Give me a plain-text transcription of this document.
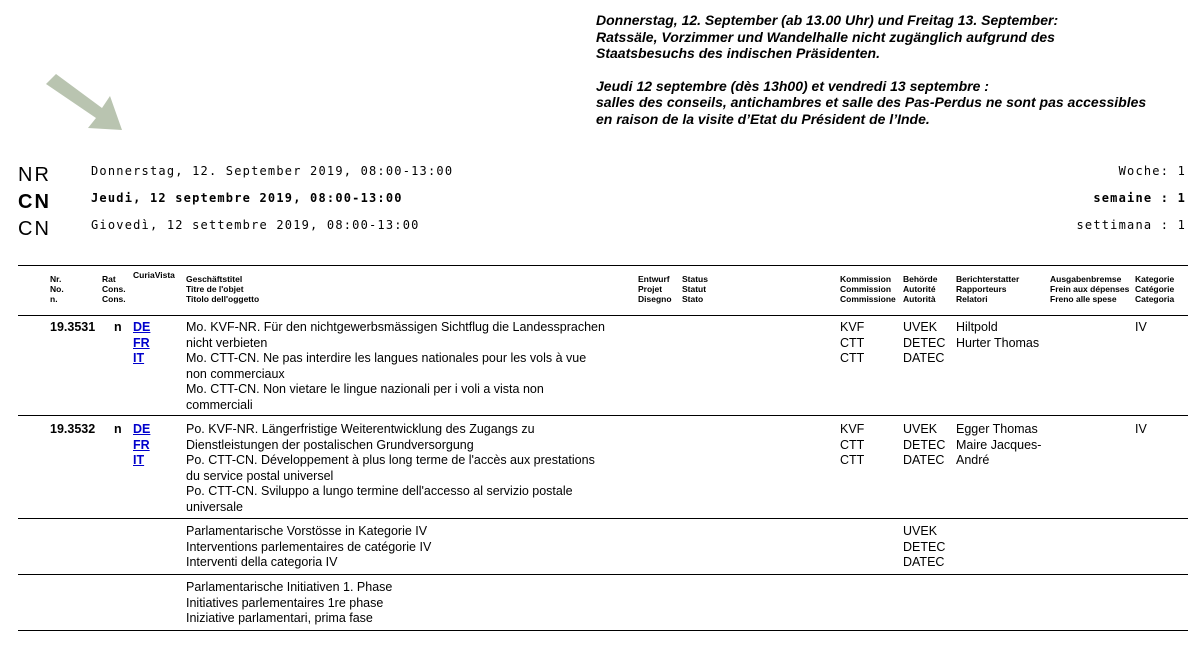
Donnerstag, 12. September (ab 13.00 Uhr) und Freitag 13. September:

Ratssäle, Vorzimmer und Wandelhalle nicht zugänglich aufgrund des

Staatsbesuchs des indischen Präsidenten.

Jeudi 12 septembre (dès 13h00) et vendredi 13 septembre :

salles des conseils, antichambres et salle des Pas-Perdus ne sont pas accessibles

en raison de la visite d’Etat du Président de l’Inde.

NR
CN
CN
Donnerstag, 12. September 2019, 08:00-13:00
Jeudi, 12 septembre 2019, 08:00-13:00
Giovedì, 12 settembre 2019, 08:00-13:00
Woche: 1
semaine : 1
settimana : 1
Nr.
No.
n.
Rat
Cons.
Cons.
CuriaVista Geschäftstitel
Titre de l'objet
Titolo dell'oggetto
Entwurf
Projet
Disegno
Status
Statut
Stato
Kommission
Commission
Commissione
Behörde
Autorité
Autorità
Berichterstatter
Rapporteurs
Relatori
Ausgabenbremse
Frein aux dépenses
Freno alle spese
Kategorie
Catégorie
Categoria
19.3531 n DE
FR
IT
Mo. KVF-NR. Für den nichtgewerbsmässigen Sichtflug die Landessprachen
nicht verbieten
Mo. CTT-CN. Ne pas interdire les langues nationales pour les vols à vue
non commerciaux
Mo. CTT-CN. Non vietare le lingue nazionali per i voli a vista non
commerciali
KVF
CTT
CTT
UVEK
DETEC
DATEC
Hiltpold
Hurter Thomas
IV
19.3532 n DE
FR
IT
Po. KVF-NR. Längerfristige Weiterentwicklung des Zugangs zu
Dienstleistungen der postalischen Grundversorgung
Po. CTT-CN. Développement à plus long terme de l'accès aux prestations
du service postal universel
Po. CTT-CN. Sviluppo a lungo termine dell'accesso al servizio postale
universale
KVF
CTT
CTT
UVEK
DETEC
DATEC
Egger Thomas
Maire Jacques-
André
IV
Parlamentarische Vorstösse in Kategorie IV
Interventions parlementaires de catégorie IV
Interventi della categoria IV
UVEK
DETEC
DATEC
Parlamentarische Initiativen 1. Phase
Initiatives parlementaires 1re phase
Iniziative parlamentari, prima fase
